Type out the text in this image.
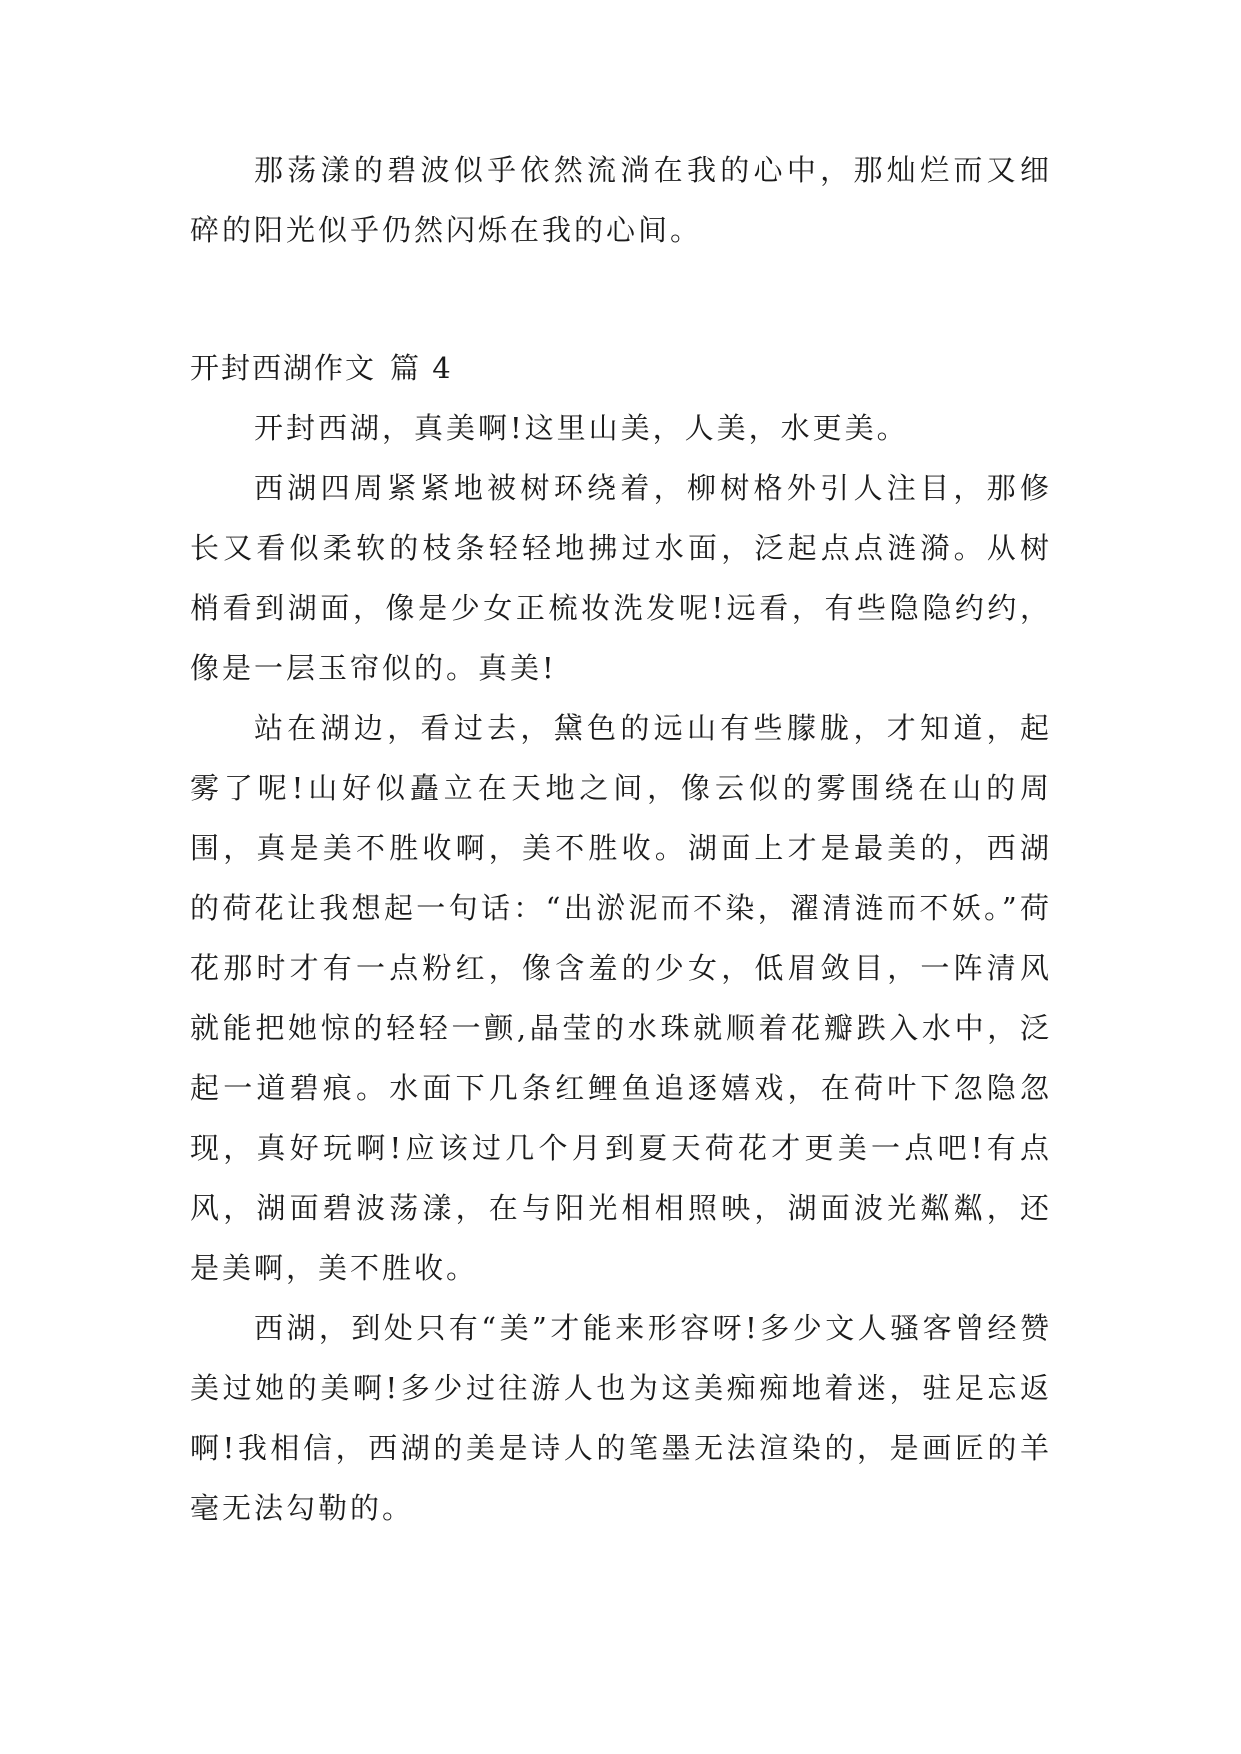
那荡漾的碧波似乎依然流淌在我的心中，那灿烂而又细碎的阳光似乎仍然闪烁在我的心间。

开封西湖作文 篇 4

开封西湖，真美啊!这里山美，人美，水更美。

西湖四周紧紧地被树环绕着，柳树格外引人注目，那修长又看似柔软的枝条轻轻地拂过水面，泛起点点涟漪。从树梢看到湖面，像是少女正梳妆洗发呢!远看，有些隐隐约约，像是一层玉帘似的。真美!

站在湖边，看过去，黛色的远山有些朦胧，才知道，起雾了呢!山好似矗立在天地之间，像云似的雾围绕在山的周围，真是美不胜收啊，美不胜收。湖面上才是最美的，西湖的荷花让我想起一句话：“出淤泥而不染，濯清涟而不妖。”荷花那时才有一点粉红，像含羞的少女，低眉敛目，一阵清风就能把她惊的轻轻一颤,晶莹的水珠就顺着花瓣跌入水中，泛起一道碧痕。水面下几条红鲤鱼追逐嬉戏，在荷叶下忽隐忽现，真好玩啊!应该过几个月到夏天荷花才更美一点吧!有点风，湖面碧波荡漾，在与阳光相相照映，湖面波光粼粼，还是美啊，美不胜收。

西湖，到处只有“美”才能来形容呀!多少文人骚客曾经赞美过她的美啊!多少过往游人也为这美痴痴地着迷，驻足忘返啊!我相信，西湖的美是诗人的笔墨无法渲染的，是画匠的羊毫无法勾勒的。
